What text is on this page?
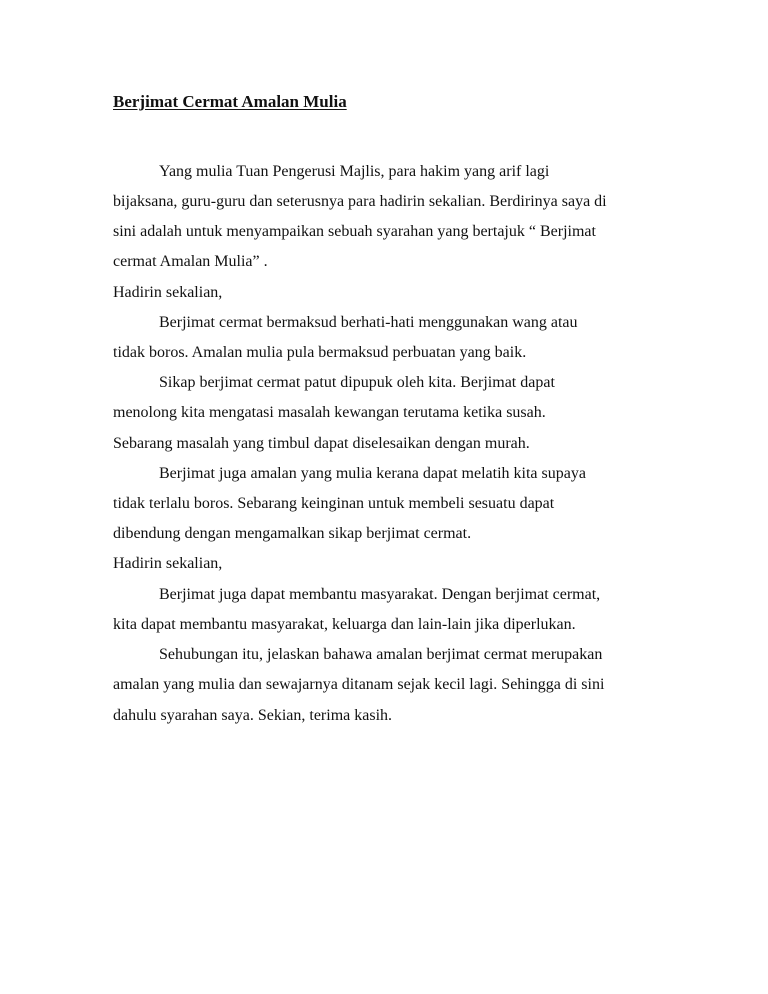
Berjimat Cermat Amalan Mulia
Yang mulia Tuan Pengerusi Majlis, para hakim yang arif lagi
bijaksana, guru-guru dan seterusnya para hadirin sekalian. Berdirinya saya di
sini adalah untuk menyampaikan sebuah syarahan yang bertajuk “ Berjimat
cermat Amalan Mulia” .
Hadirin sekalian,
Berjimat cermat bermaksud berhati-hati menggunakan wang atau
tidak boros. Amalan mulia pula bermaksud perbuatan yang baik.
Sikap berjimat cermat patut dipupuk oleh kita. Berjimat dapat
menolong kita mengatasi masalah kewangan terutama ketika susah.
Sebarang masalah yang timbul dapat diselesaikan dengan murah.
Berjimat juga amalan yang mulia kerana dapat melatih kita supaya
tidak terlalu boros. Sebarang keinginan untuk membeli sesuatu dapat
dibendung dengan mengamalkan sikap berjimat cermat.
Hadirin sekalian,
Berjimat juga dapat membantu masyarakat. Dengan berjimat cermat,
kita dapat membantu masyarakat, keluarga dan lain-lain jika diperlukan.
Sehubungan itu, jelaskan bahawa amalan berjimat cermat merupakan
amalan yang mulia dan sewajarnya ditanam sejak kecil lagi. Sehingga di sini
dahulu syarahan saya. Sekian, terima kasih.
